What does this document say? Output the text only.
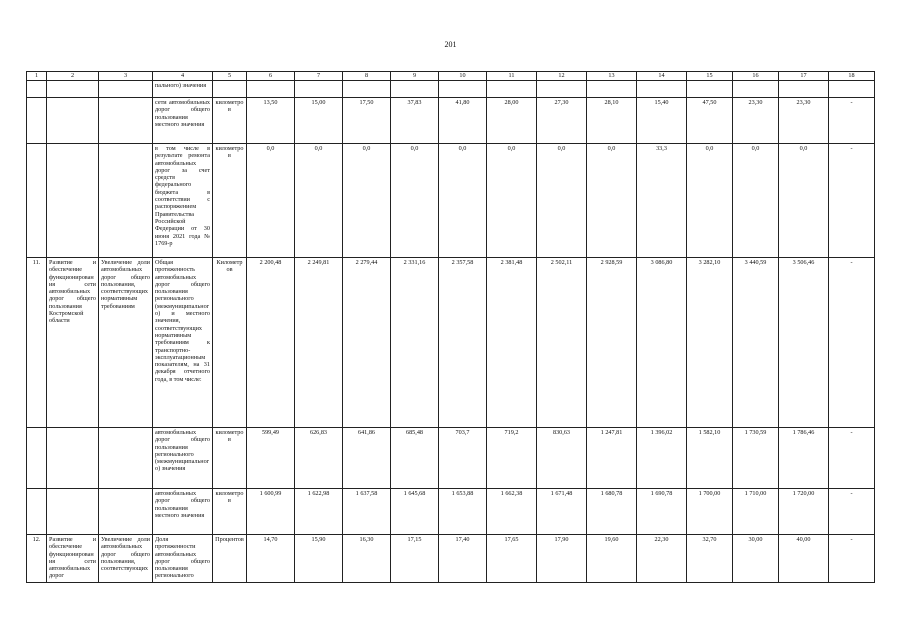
201
1	2	3	4	5	6	7	8	9	10	11	12	13	14	15	16	17	18
			пального) значения														
			сети автомобильных дорог общего пользования местного значения	километров	13,50	15,00	17,50	37,83	41,80	28,00	27,30	28,10	15,40	47,50	23,30	23,30	-
			в том числе в результате ремонта автомобильных дорог за счет средств федерального бюджета в соответствии с распоряжением Правительства Российской Федерации от 30 июня 2021 года № 1769-р	километров	0,0	0,0	0,0	0,0	0,0	0,0	0,0	0,0	33,3	0,0	0,0	0,0	-
11.	Развитие и обеспечение функционирования сети автомобильных дорог общего пользования Костромской области	Увеличение доли автомобильных дорог общего пользования, соответствующих нормативным требованиям	Общая протяженность автомобильных дорог общего пользования регионального (межмуниципального) и местного значения, соответствующих нормативным требованиям к транспортно-эксплуатационным показателям, на 31 декабря отчетного года, в том числе:	Километров	2 200,48	2 249,81	2 279,44	2 331,16	2 357,58	2 381,48	2 502,11	2 928,59	3 086,80	3 282,10	3 440,59	3 506,46	-
			автомобильных дорог общего пользования регионального (межмуниципального) значения	километров	599,49	626,83	641,86	685,48	703,7	719,2	830,63	1 247,81	1 396,02	1 582,10	1 730,59	1 786,46	-
			автомобильных дорог общего пользования местного значения	километров	1 600,99	1 622,98	1 637,58	1 645,68	1 653,88	1 662,38	1 671,48	1 680,78	1 690,78	1 700,00	1 710,00	1 720,00	-
12.	Развитие и обеспечение функционирования сети автомобильных дорог	Увеличение доли автомобильных дорог общего пользования, соответствующих	Доля протяженности автомобильных дорог общего пользования регионального	Процентов	14,70	15,90	16,30	17,15	17,40	17,65	17,90	19,60	22,30	32,70	30,00	40,00	-
